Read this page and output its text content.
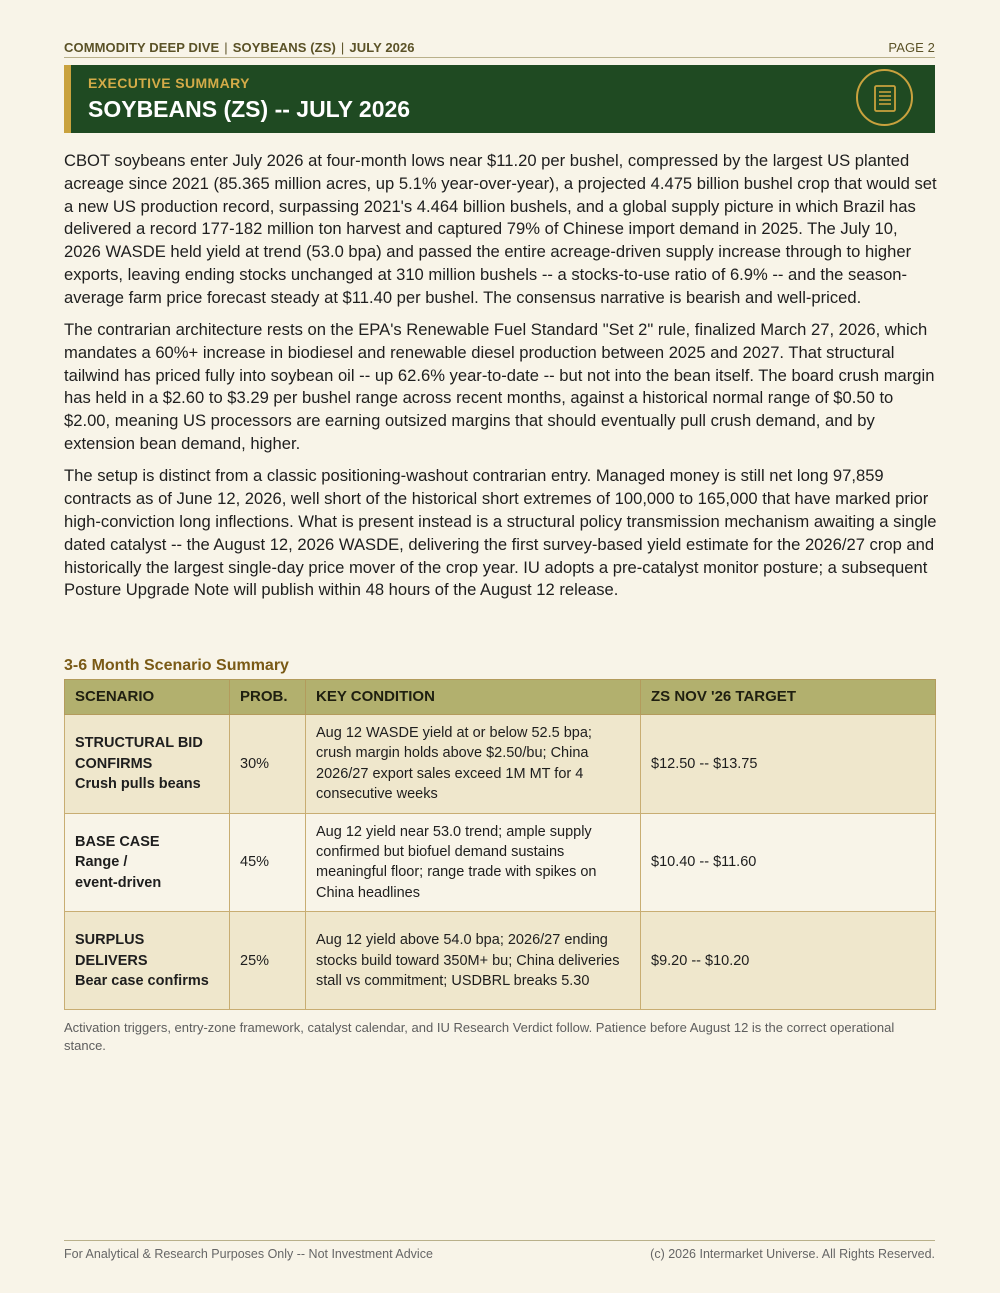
COMMODITY DEEP DIVE | SOYBEANS (ZS) | JULY 2026	PAGE 2
EXECUTIVE SUMMARY
SOYBEANS (ZS) -- JULY 2026

CBOT soybeans enter July 2026 at four-month lows near $11.20 per bushel, compressed by the largest US planted acreage since 2021 (85.365 million acres, up 5.1% year-over-year), a projected 4.475 billion bushel crop that would set a new US production record, surpassing 2021's 4.464 billion bushels, and a global supply picture in which Brazil has delivered a record 177-182 million ton harvest and captured 79% of Chinese import demand in 2025. The July 10, 2026 WASDE held yield at trend (53.0 bpa) and passed the entire acreage-driven supply increase through to higher exports, leaving ending stocks unchanged at 310 million bushels -- a stocks-to-use ratio of 6.9% -- and the season-average farm price forecast steady at $11.40 per bushel. The consensus narrative is bearish and well-priced.

The contrarian architecture rests on the EPA's Renewable Fuel Standard "Set 2" rule, finalized March 27, 2026, which mandates a 60%+ increase in biodiesel and renewable diesel production between 2025 and 2027. That structural tailwind has priced fully into soybean oil -- up 62.6% year-to-date -- but not into the bean itself. The board crush margin has held in a $2.60 to $3.29 per bushel range across recent months, against a historical normal range of $0.50 to $2.00, meaning US processors are earning outsized margins that should eventually pull crush demand, and by extension bean demand, higher.

The setup is distinct from a classic positioning-washout contrarian entry. Managed money is still net long 97,859 contracts as of June 12, 2026, well short of the historical short extremes of 100,000 to 165,000 that have marked prior high-conviction long inflections. What is present instead is a structural policy transmission mechanism awaiting a single dated catalyst -- the August 12, 2026 WASDE, delivering the first survey-based yield estimate for the 2026/27 crop and historically the largest single-day price mover of the crop year. IU adopts a pre-catalyst monitor posture; a subsequent Posture Upgrade Note will publish within 48 hours of the August 12 release.

3-6 Month Scenario Summary
SCENARIO	PROB.	KEY CONDITION	ZS NOV '26 TARGET

STRUCTURAL BID
CONFIRMS
Crush pulls beans	30%	Aug 12 WASDE yield at or below 52.5 bpa; crush margin holds above $2.50/bu; China 2026/27 export sales exceed 1M MT for 4 consecutive weeks	$12.50 -- $13.75

BASE CASE
Range /
event-driven	45%	Aug 12 yield near 53.0 trend; ample supply confirmed but biofuel demand sustains meaningful floor; range trade with spikes on China headlines	$10.40 -- $11.60

SURPLUS
DELIVERS
Bear case confirms	25%	Aug 12 yield above 54.0 bpa; 2026/27 ending stocks build toward 350M+ bu; China deliveries stall vs commitment; USDBRL breaks 5.30	$9.20 -- $10.20
Activation triggers, entry-zone framework, catalyst calendar, and IU Research Verdict follow. Patience before August 12 is the correct operational stance.
For Analytical & Research Purposes Only -- Not Investment Advice	(c) 2026 Intermarket Universe. All Rights Reserved.
